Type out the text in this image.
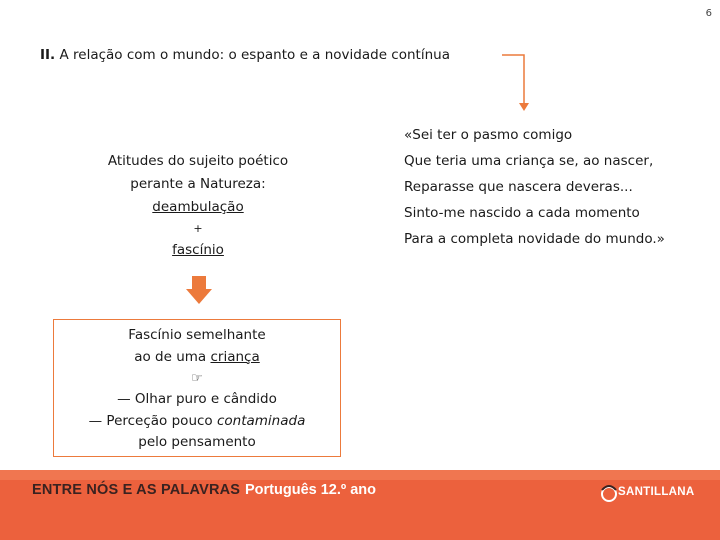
6
II. A relação com o mundo: o espanto e a novidade contínua
Atitudes do sujeito poético
perante a Natureza:
deambulação
+
fascínio
Fascínio semelhante
ao de uma criança
☞
— Olhar puro e cândido
— Perceção pouco contaminada
pelo pensamento
«Sei ter o pasmo comigo
Que teria uma criança se, ao nascer,
Reparasse que nascera deveras...
Sinto-me nascido a cada momento
Para a completa novidade do mundo.»
ENTRE NÓS E AS PALAVRAS Português 12.º ano	SANTILLANA
